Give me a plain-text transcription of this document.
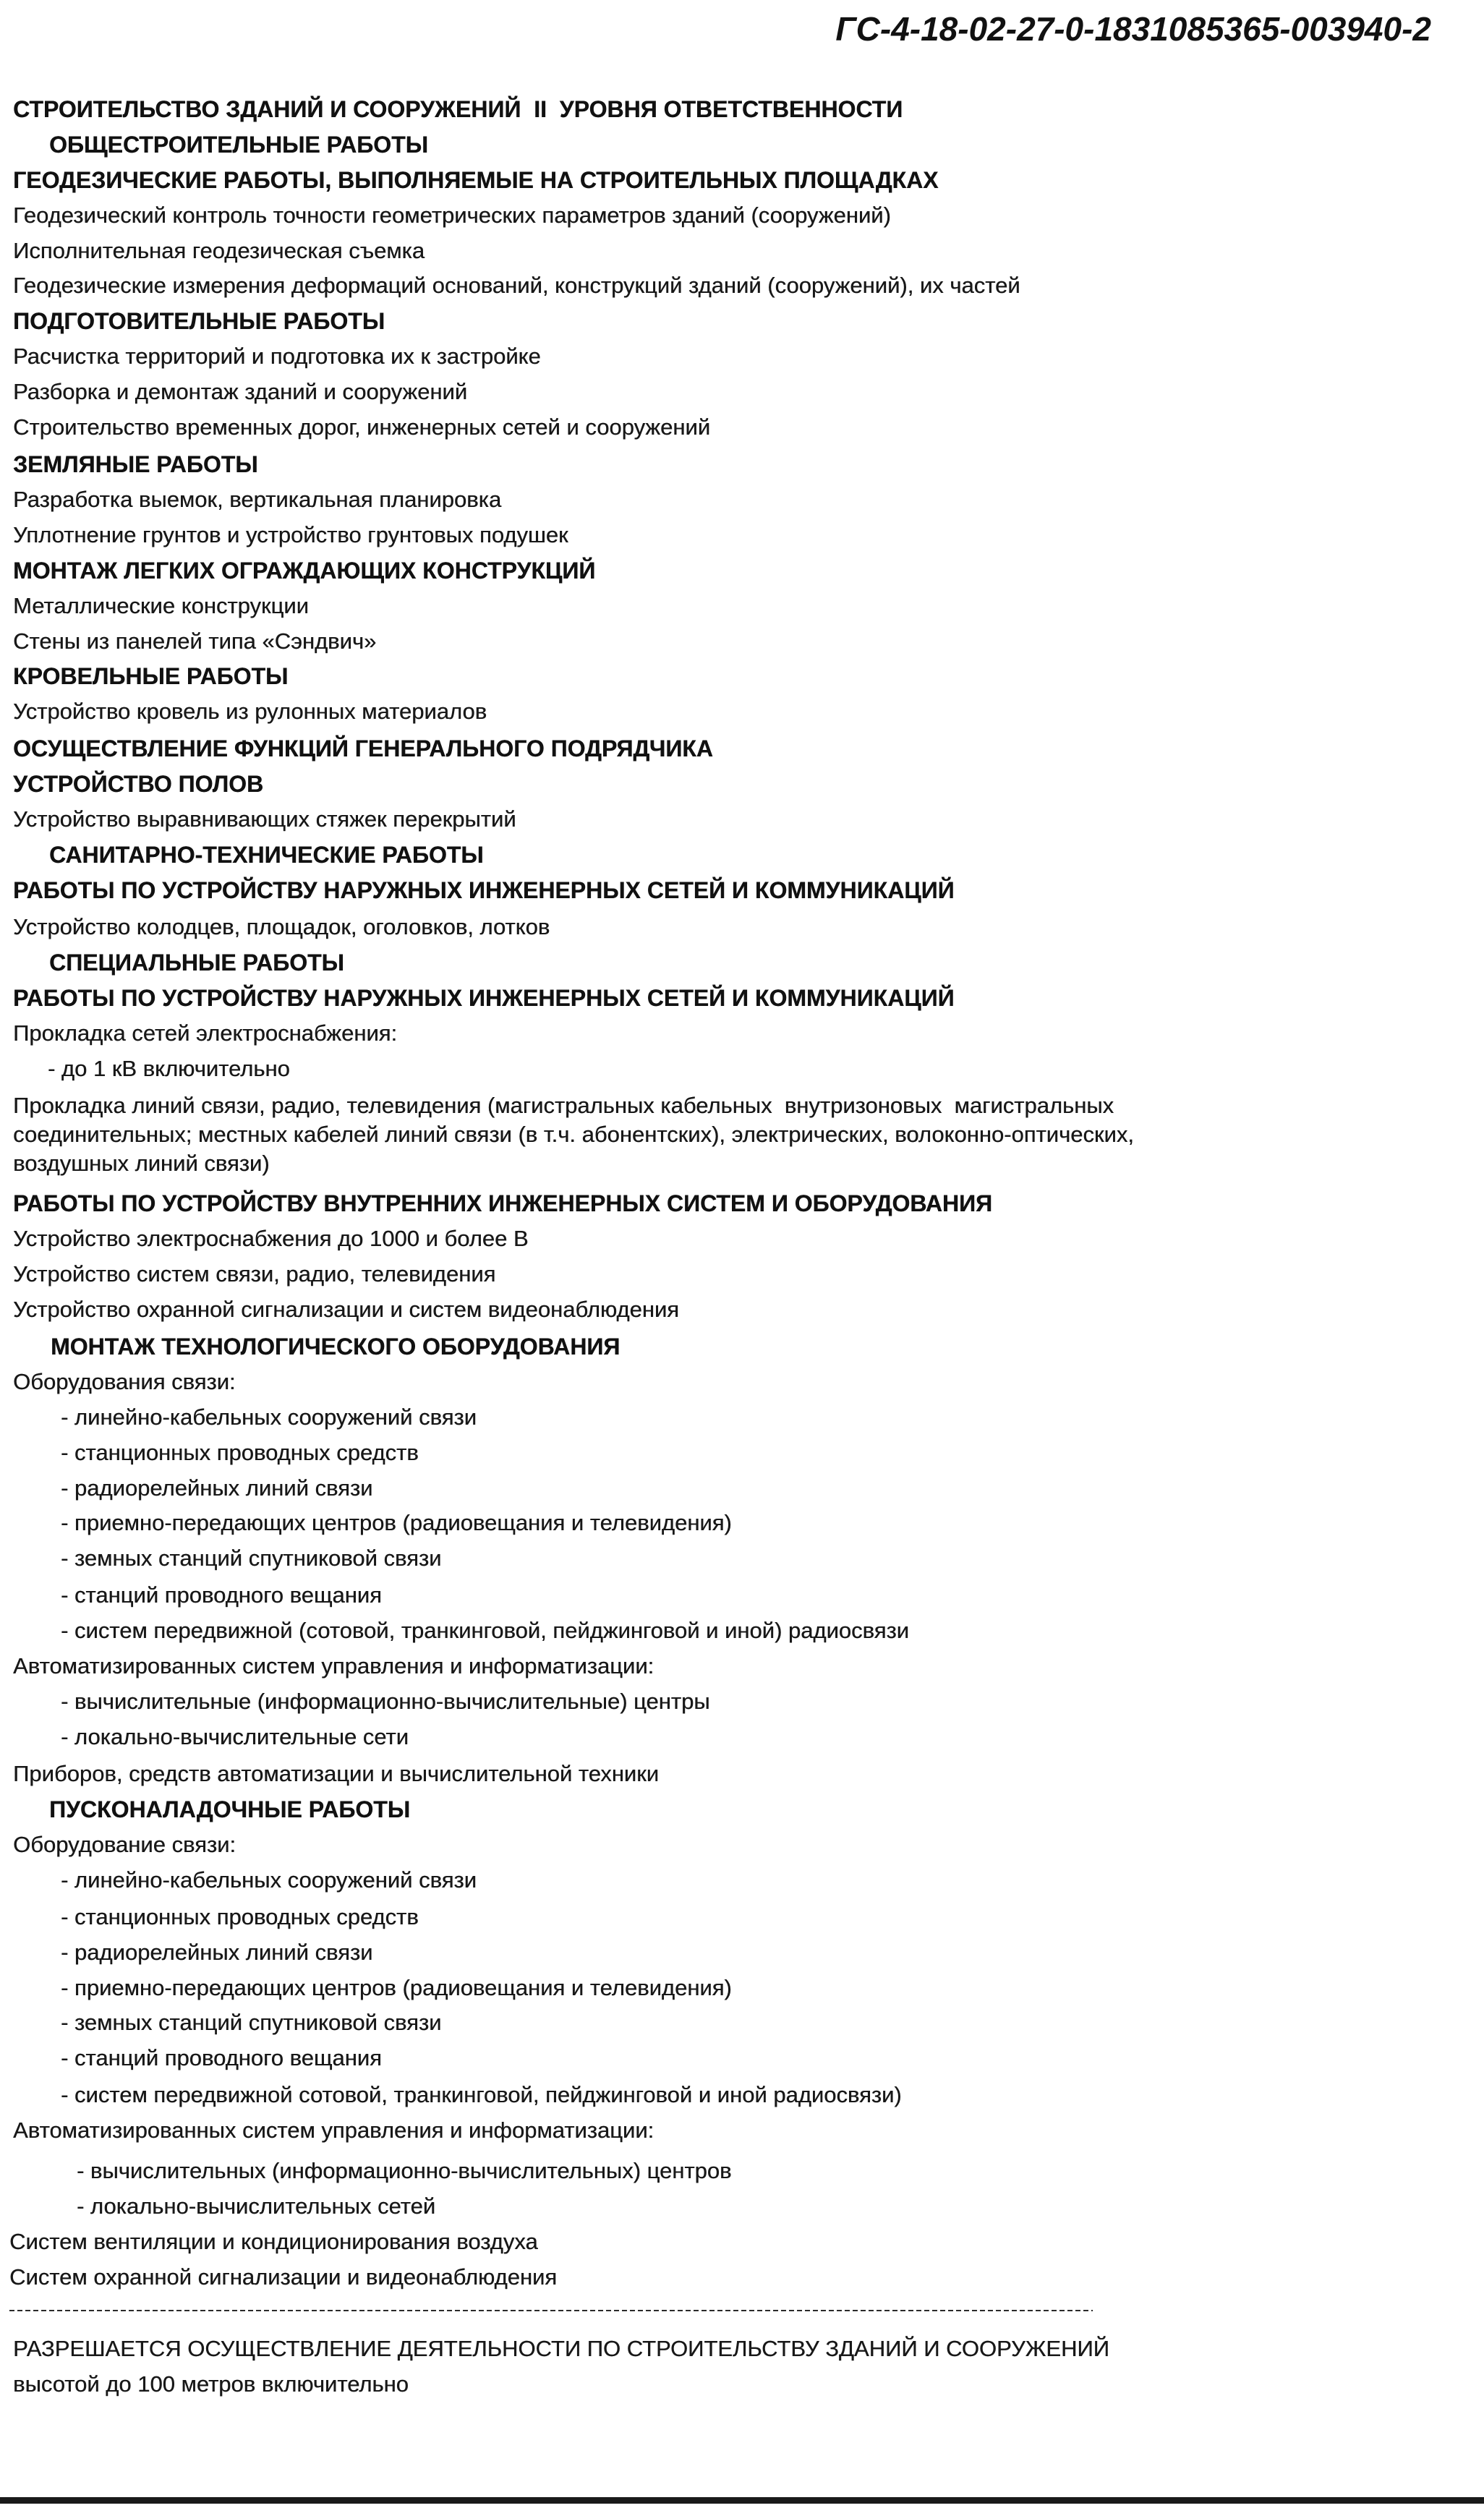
ГС-4-18-02-27-0-1831085365-003940-2
СТРОИТЕЛЬСТВО ЗДАНИЙ И СООРУЖЕНИЙ  II  УРОВНЯ ОТВЕТСТВЕННОСТИ
ОБЩЕСТРОИТЕЛЬНЫЕ РАБОТЫ
ГЕОДЕЗИЧЕСКИЕ РАБОТЫ, ВЫПОЛНЯЕМЫЕ НА СТРОИТЕЛЬНЫХ ПЛОЩАДКАХ
Геодезический контроль точности геометрических параметров зданий (сооружений)
Исполнительная геодезическая съемка
Геодезические измерения деформаций оснований, конструкций зданий (сооружений), их частей
ПОДГОТОВИТЕЛЬНЫЕ РАБОТЫ
Расчистка территорий и подготовка их к застройке
Разборка и демонтаж зданий и сооружений
Строительство временных дорог, инженерных сетей и сооружений
ЗЕМЛЯНЫЕ РАБОТЫ
Разработка выемок, вертикальная планировка
Уплотнение грунтов и устройство грунтовых подушек
МОНТАЖ ЛЕГКИХ ОГРАЖДАЮЩИХ КОНСТРУКЦИЙ
Металлические конструкции
Стены из панелей типа «Сэндвич»
КРОВЕЛЬНЫЕ РАБОТЫ
Устройство кровель из рулонных материалов
ОСУЩЕСТВЛЕНИЕ ФУНКЦИЙ ГЕНЕРАЛЬНОГО ПОДРЯДЧИКА
УСТРОЙСТВО ПОЛОВ
Устройство выравнивающих стяжек перекрытий
САНИТАРНО-ТЕХНИЧЕСКИЕ РАБОТЫ
РАБОТЫ ПО УСТРОЙСТВУ НАРУЖНЫХ ИНЖЕНЕРНЫХ СЕТЕЙ И КОММУНИКАЦИЙ
Устройство колодцев, площадок, оголовков, лотков
СПЕЦИАЛЬНЫЕ РАБОТЫ
РАБОТЫ ПО УСТРОЙСТВУ НАРУЖНЫХ ИНЖЕНЕРНЫХ СЕТЕЙ И КОММУНИКАЦИЙ
Прокладка сетей электроснабжения:
- до 1 кВ включительно
Прокладка линий связи, радио, телевидения (магистральных кабельных  внутризоновых  магистральных
соединительных; местных кабелей линий связи (в т.ч. абонентских), электрических, волоконно-оптических,
воздушных линий связи)
РАБОТЫ ПО УСТРОЙСТВУ ВНУТРЕННИХ ИНЖЕНЕРНЫХ СИСТЕМ И ОБОРУДОВАНИЯ
Устройство электроснабжения до 1000 и более В
Устройство систем связи, радио, телевидения
Устройство охранной сигнализации и систем видеонаблюдения
МОНТАЖ ТЕХНОЛОГИЧЕСКОГО ОБОРУДОВАНИЯ
Оборудования связи:
- линейно-кабельных сооружений связи
- станционных проводных средств
- радиорелейных линий связи
- приемно-передающих центров (радиовещания и телевидения)
- земных станций спутниковой связи
- станций проводного вещания
- систем передвижной (сотовой, транкинговой, пейджинговой и иной) радиосвязи
Автоматизированных систем управления и информатизации:
- вычислительные (информационно-вычислительные) центры
- локально-вычислительные сети
Приборов, средств автоматизации и вычислительной техники
ПУСКОНАЛАДОЧНЫЕ РАБОТЫ
Оборудование связи:
- линейно-кабельных сооружений связи
- станционных проводных средств
- радиорелейных линий связи
- приемно-передающих центров (радиовещания и телевидения)
- земных станций спутниковой связи
- станций проводного вещания
- систем передвижной сотовой, транкинговой, пейджинговой и иной радиосвязи)
Автоматизированных систем управления и информатизации:
- вычислительных (информационно-вычислительных) центров
- локально-вычислительных сетей
Систем вентиляции и кондиционирования воздуха
Систем охранной сигнализации и видеонаблюдения
РАЗРЕШАЕТСЯ ОСУЩЕСТВЛЕНИЕ ДЕЯТЕЛЬНОСТИ ПО СТРОИТЕЛЬСТВУ ЗДАНИЙ И СООРУЖЕНИЙ
высотой до 100 метров включительно
